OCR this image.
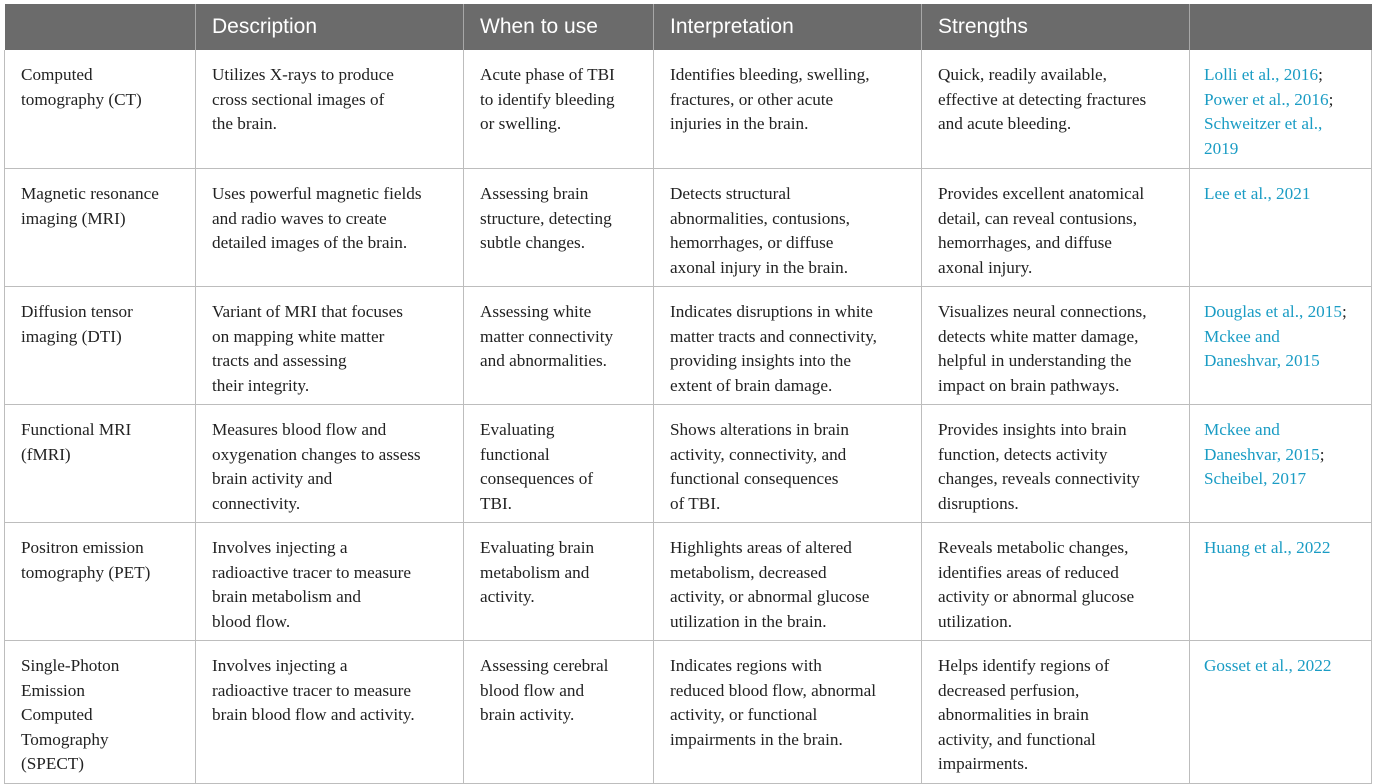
	Description	When to use	Interpretation	Strengths	
Computed
tomography (CT)	Utilizes X-rays to produce
cross sectional images of
the brain.	Acute phase of TBI
to identify bleeding
or swelling.	Identifies bleeding, swelling,
fractures, or other acute
injuries in the brain.	Quick, readily available,
effective at detecting fractures
and acute bleeding.	Lolli et al., 2016;
Power et al., 2016;
Schweitzer et al.,
2019
Magnetic resonance
imaging (MRI)	Uses powerful magnetic fields
and radio waves to create
detailed images of the brain.	Assessing brain
structure, detecting
subtle changes.	Detects structural
abnormalities, contusions,
hemorrhages, or diffuse
axonal injury in the brain.	Provides excellent anatomical
detail, can reveal contusions,
hemorrhages, and diffuse
axonal injury.	Lee et al., 2021
Diffusion tensor
imaging (DTI)	Variant of MRI that focuses
on mapping white matter
tracts and assessing
their integrity.	Assessing white
matter connectivity
and abnormalities.	Indicates disruptions in white
matter tracts and connectivity,
providing insights into the
extent of brain damage.	Visualizes neural connections,
detects white matter damage,
helpful in understanding the
impact on brain pathways.	Douglas et al., 2015;
Mckee and
Daneshvar, 2015
Functional MRI
(fMRI)	Measures blood flow and
oxygenation changes to assess
brain activity and
connectivity.	Evaluating
functional
consequences of
TBI.	Shows alterations in brain
activity, connectivity, and
functional consequences
of TBI.	Provides insights into brain
function, detects activity
changes, reveals connectivity
disruptions.	Mckee and
Daneshvar, 2015;
Scheibel, 2017
Positron emission
tomography (PET)	Involves injecting a
radioactive tracer to measure
brain metabolism and
blood flow.	Evaluating brain
metabolism and
activity.	Highlights areas of altered
metabolism, decreased
activity, or abnormal glucose
utilization in the brain.	Reveals metabolic changes,
identifies areas of reduced
activity or abnormal glucose
utilization.	Huang et al., 2022
Single-Photon
Emission
Computed
Tomography
(SPECT)	Involves injecting a
radioactive tracer to measure
brain blood flow and activity.	Assessing cerebral
blood flow and
brain activity.	Indicates regions with
reduced blood flow, abnormal
activity, or functional
impairments in the brain.	Helps identify regions of
decreased perfusion,
abnormalities in brain
activity, and functional
impairments.	Gosset et al., 2022
